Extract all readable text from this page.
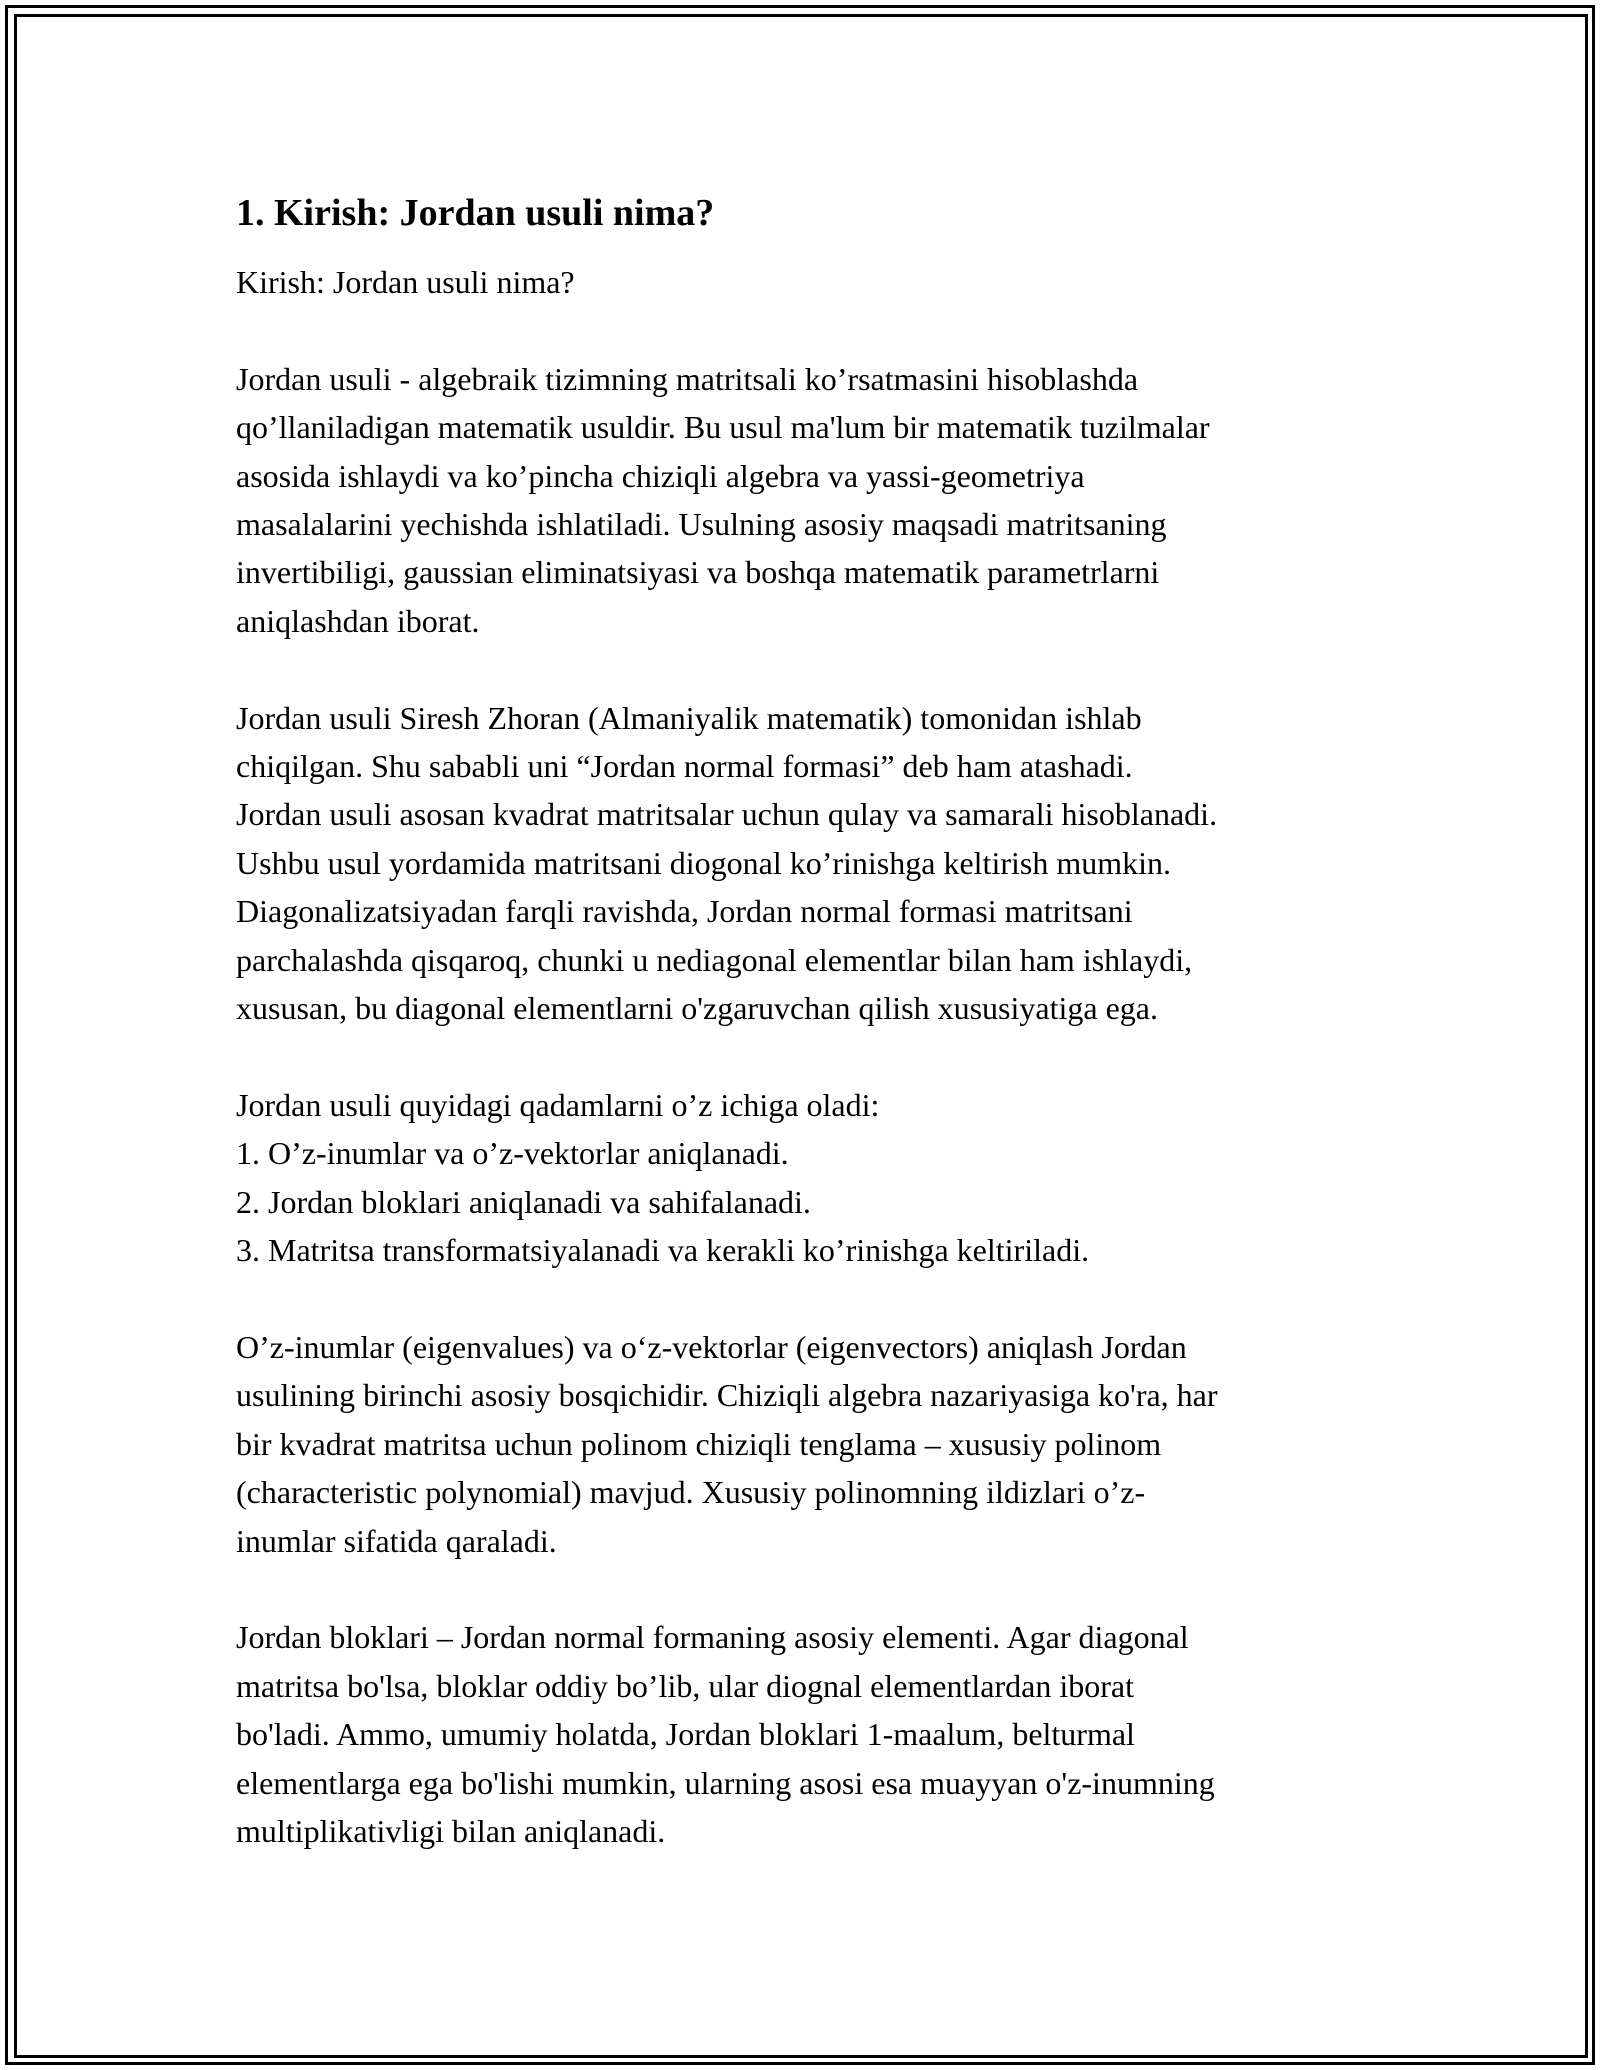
1. Kirish: Jordan usuli nima?

Kirish: Jordan usuli nima?

Jordan usuli - algebraik tizimning matritsali ko’rsatmasini hisoblashda
qo’llaniladigan matematik usuldir. Bu usul ma'lum bir matematik tuzilmalar
asosida ishlaydi va ko’pincha chiziqli algebra va yassi-geometriya
masalalarini yechishda ishlatiladi. Usulning asosiy maqsadi matritsaning
invertibiligi, gaussian eliminatsiyasi va boshqa matematik parametrlarni
aniqlashdan iborat.

Jordan usuli Siresh Zhoran (Almaniyalik matematik) tomonidan ishlab
chiqilgan. Shu sababli uni “Jordan normal formasi” deb ham atashadi.
Jordan usuli asosan kvadrat matritsalar uchun qulay va samarali hisoblanadi.
Ushbu usul yordamida matritsani diogonal ko’rinishga keltirish mumkin.
Diagonalizatsiyadan farqli ravishda, Jordan normal formasi matritsani
parchalashda qisqaroq, chunki u nediagonal elementlar bilan ham ishlaydi,
xususan, bu diagonal elementlarni o'zgaruvchan qilish xususiyatiga ega.

Jordan usuli quyidagi qadamlarni o’z ichiga oladi:
1. O’z-inumlar va o’z-vektorlar aniqlanadi.
2. Jordan bloklari aniqlanadi va sahifalanadi.
3. Matritsa transformatsiyalanadi va kerakli ko’rinishga keltiriladi.

O’z-inumlar (eigenvalues) va o‘z-vektorlar (eigenvectors) aniqlash Jordan
usulining birinchi asosiy bosqichidir. Chiziqli algebra nazariyasiga ko'ra, har
bir kvadrat matritsa uchun polinom chiziqli tenglama – xususiy polinom
(characteristic polynomial) mavjud. Xususiy polinomning ildizlari o’z-
inumlar sifatida qaraladi.

Jordan bloklari – Jordan normal formaning asosiy elementi. Agar diagonal
matritsa bo'lsa, bloklar oddiy bo’lib, ular diognal elementlardan iborat
bo'ladi. Ammo, umumiy holatda, Jordan bloklari 1-maalum, belturmal
elementlarga ega bo'lishi mumkin, ularning asosi esa muayyan o'z-inumning
multiplikativligi bilan aniqlanadi.
